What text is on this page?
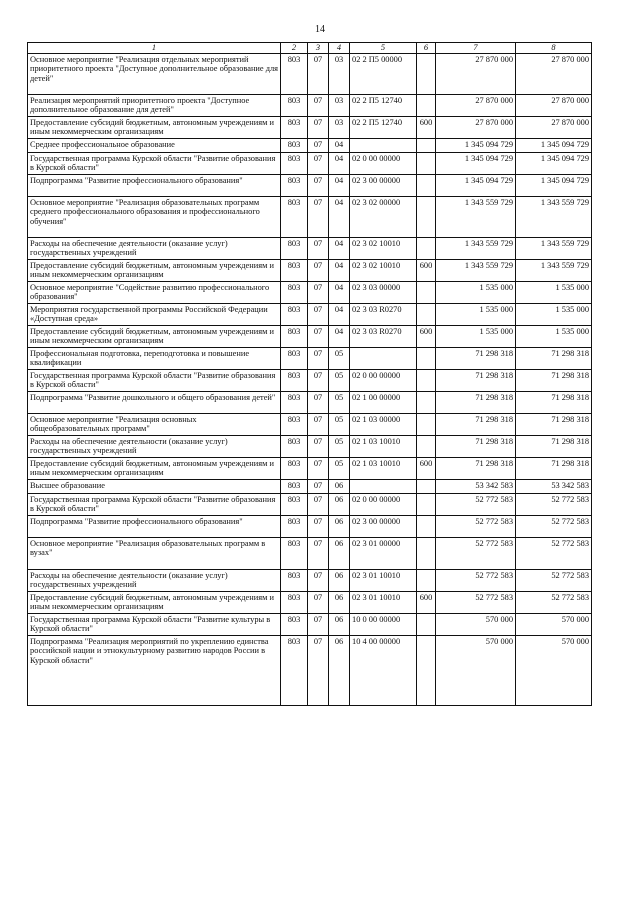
14
1	2	3	4	5	6	7	8
Основное мероприятие "Реализация отдельных мероприятий приоритетного проекта "Доступное дополнительное образование для детей"	803	07	03	02 2 П5 00000		27 870 000	27 870 000
Реализация мероприятий приоритетного проекта "Доступное дополнительное образование для детей"	803	07	03	02 2 П5 12740		27 870 000	27 870 000
Предоставление субсидий бюджетным, автономным учреждениям и иным некоммерческим организациям	803	07	03	02 2 П5 12740	600	27 870 000	27 870 000
Среднее профессиональное образование	803	07	04			1 345 094 729	1 345 094 729
Государственная программа Курской области "Развитие образования в Курской области"	803	07	04	02 0 00 00000		1 345 094 729	1 345 094 729
Подпрограмма "Развитие профессионального образования"	803	07	04	02 3 00 00000		1 345 094 729	1 345 094 729
Основное мероприятие "Реализация образовательных программ среднего профессионального образования и профессионального обучения"	803	07	04	02 3 02 00000		1 343 559 729	1 343 559 729
Расходы на обеспечение деятельности (оказание услуг) государственных учреждений	803	07	04	02 3 02 10010		1 343 559 729	1 343 559 729
Предоставление субсидий бюджетным, автономным учреждениям и иным некоммерческим организациям	803	07	04	02 3 02 10010	600	1 343 559 729	1 343 559 729
Основное мероприятие "Содействие развитию профессионального образования"	803	07	04	02 3 03 00000		1 535 000	1 535 000
Мероприятия государственной программы Российской Федерации «Доступная среда»	803	07	04	02 3 03 R0270		1 535 000	1 535 000
Предоставление субсидий бюджетным, автономным учреждениям и иным некоммерческим организациям	803	07	04	02 3 03 R0270	600	1 535 000	1 535 000
Профессиональная подготовка, переподготовка и повышение квалификации	803	07	05			71 298 318	71 298 318
Государственная программа Курской области "Развитие образования в Курской области"	803	07	05	02 0 00 00000		71 298 318	71 298 318
Подпрограмма "Развитие дошкольного и общего образования детей"	803	07	05	02 1 00 00000		71 298 318	71 298 318
Основное мероприятие "Реализация основных общеобразовательных программ"	803	07	05	02 1 03 00000		71 298 318	71 298 318
Расходы на обеспечение деятельности (оказание услуг) государственных учреждений	803	07	05	02 1 03 10010		71 298 318	71 298 318
Предоставление субсидий бюджетным, автономным учреждениям и иным некоммерческим организациям	803	07	05	02 1 03 10010	600	71 298 318	71 298 318
Высшее образование	803	07	06			53 342 583	53 342 583
Государственная программа Курской области "Развитие образования в Курской области"	803	07	06	02 0 00 00000		52 772 583	52 772 583
Подпрограмма "Развитие профессионального образования"	803	07	06	02 3 00 00000		52 772 583	52 772 583
Основное мероприятие "Реализация образовательных программ в вузах"	803	07	06	02 3 01 00000		52 772 583	52 772 583
Расходы на обеспечение деятельности (оказание услуг) государственных учреждений	803	07	06	02 3 01 10010		52 772 583	52 772 583
Предоставление субсидий бюджетным, автономным учреждениям и иным некоммерческим организациям	803	07	06	02 3 01 10010	600	52 772 583	52 772 583
Государственная программа Курской области "Развитие культуры в Курской области"	803	07	06	10 0 00 00000		570 000	570 000
Подпрограмма "Реализация мероприятий по укреплению единства российской нации и этнокультурному развитию народов России в Курской области"	803	07	06	10 4 00 00000		570 000	570 000
